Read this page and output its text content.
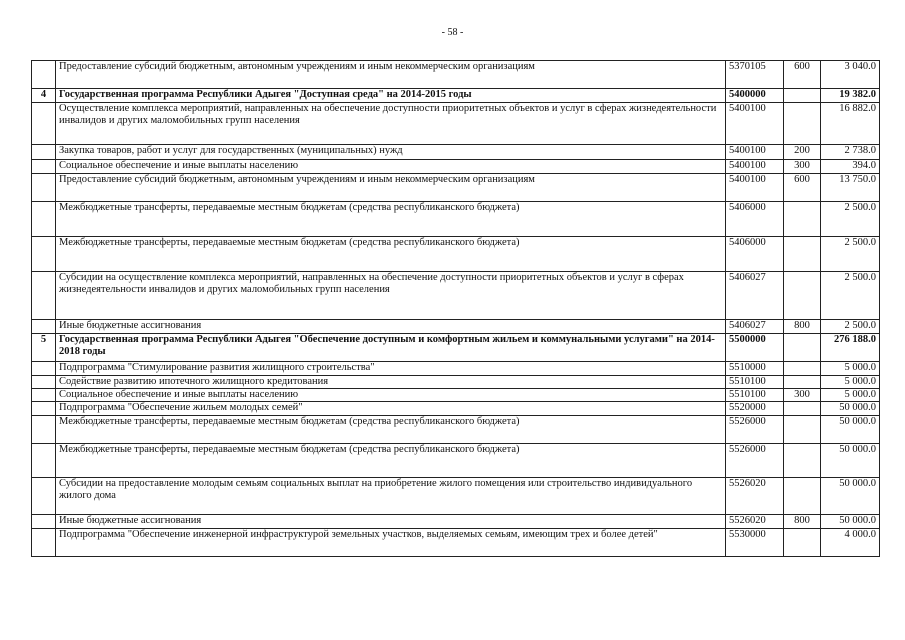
- 58 -
	Предоставление субсидий бюджетным, автономным учреждениям и иным некоммерческим организациям	5370105	600	3 040.0
4	Государственная программа Республики Адыгея "Доступная среда" на 2014-2015 годы	5400000		19 382.0
	Осуществление комплекса мероприятий, направленных на обеспечение доступности приоритетных объектов и услуг в сферах жизнедеятельности инвалидов и других маломобильных групп населения	5400100		16 882.0
	Закупка товаров, работ и услуг для государственных (муниципальных) нужд	5400100	200	2 738.0
	Социальное обеспечение и иные выплаты населению	5400100	300	394.0
	Предоставление субсидий бюджетным, автономным учреждениям и иным некоммерческим организациям	5400100	600	13 750.0
	Межбюджетные трансферты, передаваемые местным бюджетам (средства республиканского бюджета)	5406000		2 500.0
	Межбюджетные трансферты, передаваемые местным бюджетам (средства республиканского бюджета)	5406000		2 500.0
	Субсидии на осуществление комплекса мероприятий, направленных на обеспечение доступности приоритетных объектов и услуг в сферах жизнедеятельности инвалидов и других маломобильных групп населения	5406027		2 500.0
	Иные бюджетные ассигнования	5406027	800	2 500.0
5	Государственная программа Республики Адыгея "Обеспечение доступным и комфортным жильем и коммунальными услугами" на 2014-2018 годы	5500000		276 188.0
	Подпрограмма "Стимулирование развития жилищного строительства"	5510000		5 000.0
	Содействие развитию ипотечного жилищного кредитования	5510100		5 000.0
	Социальное обеспечение и иные выплаты населению	5510100	300	5 000.0
	Подпрограмма "Обеспечение жильем молодых семей"	5520000		50 000.0
	Межбюджетные трансферты, передаваемые местным бюджетам (средства республиканского бюджета)	5526000		50 000.0
	Межбюджетные трансферты, передаваемые местным бюджетам (средства республиканского бюджета)	5526000		50 000.0
	Субсидии на предоставление молодым семьям социальных выплат на приобретение жилого помещения или строительство индивидуального жилого дома	5526020		50 000.0
	Иные бюджетные ассигнования	5526020	800	50 000.0
	Подпрограмма "Обеспечение инженерной инфраструктурой земельных участков, выделяемых семьям, имеющим трех и более детей"	5530000		4 000.0
